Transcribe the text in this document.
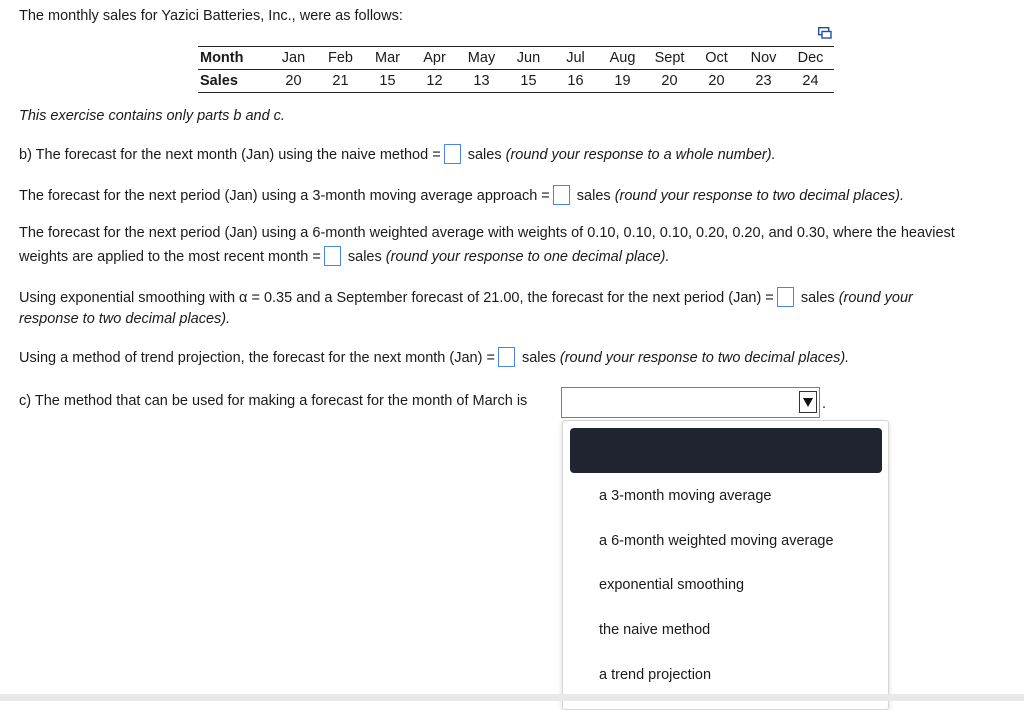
The monthly sales for Yazici Batteries, Inc., were as follows:
Month	Jan	Feb	Mar	Apr	May	Jun	Jul	Aug	Sept	Oct	Nov	Dec
Sales	20	21	15	12	13	15	16	19	20	20	23	24
This exercise contains only parts b and c.
b) The forecast for the next month (Jan) using the naive method = sales (round your response to a whole number).
The forecast for the next period (Jan) using a 3-month moving average approach = sales (round your response to two decimal places).
The forecast for the next period (Jan) using a 6-month weighted average with weights of 0.10, 0.10, 0.10, 0.20, 0.20, and 0.30, where the heaviest
weights are applied to the most recent month = sales (round your response to one decimal place).
Using exponential smoothing with α = 0.35 and a September forecast of 21.00, the forecast for the next period (Jan) = sales (round your
response to two decimal places).
Using a method of trend projection, the forecast for the next month (Jan) = sales (round your response to two decimal places).
c) The method that can be used for making a forecast for the month of March is	.
a 3-month moving average
a 6-month weighted moving average
exponential smoothing
the naive method
a trend projection
